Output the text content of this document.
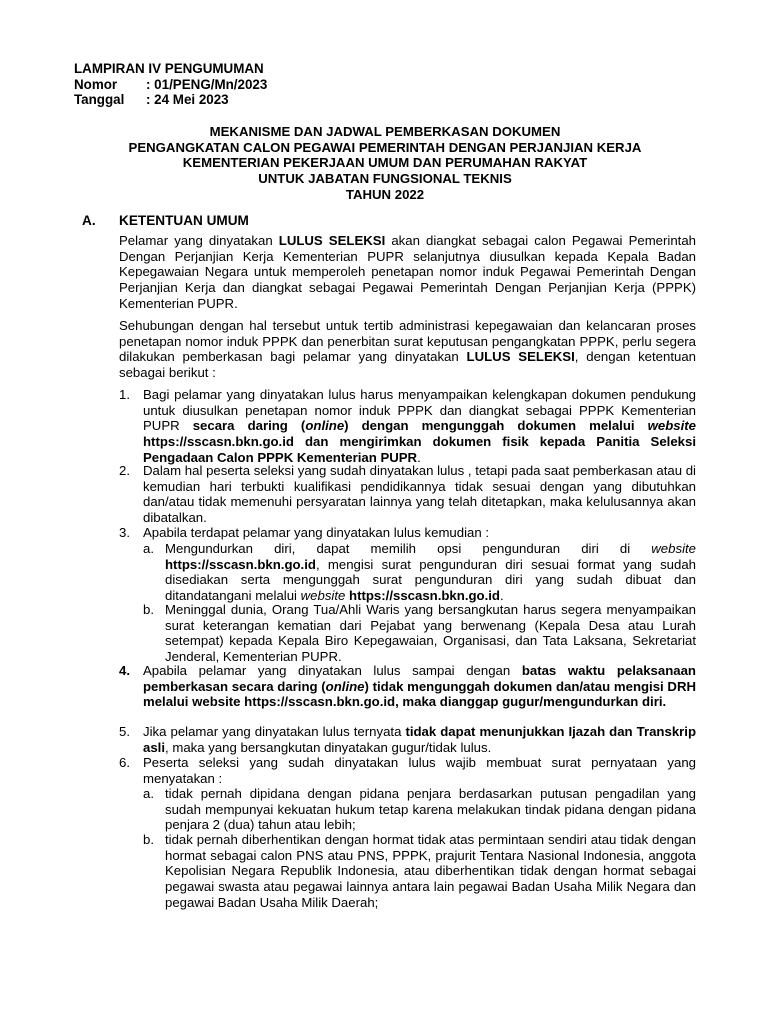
LAMPIRAN IV PENGUMUMAN
Nomor	: 01/PENG/Mn/2023
Tanggal	: 24 Mei 2023
MEKANISME DAN JADWAL PEMBERKASAN DOKUMEN
PENGANGKATAN CALON PEGAWAI PEMERINTAH DENGAN PERJANJIAN KERJA
KEMENTERIAN PEKERJAAN UMUM DAN PERUMAHAN RAKYAT
UNTUK JABATAN FUNGSIONAL TEKNIS
TAHUN 2022
A. KETENTUAN UMUM
Pelamar yang dinyatakan LULUS SELEKSI akan diangkat sebagai calon Pegawai Pemerintah Dengan Perjanjian Kerja Kementerian PUPR selanjutnya diusulkan kepada Kepala Badan Kepegawaian Negara untuk memperoleh penetapan nomor induk Pegawai Pemerintah Dengan Perjanjian Kerja dan diangkat sebagai Pegawai Pemerintah Dengan Perjanjian Kerja (PPPK) Kementerian PUPR.
Sehubungan dengan hal tersebut untuk tertib administrasi kepegawaian dan kelancaran proses penetapan nomor induk PPPK dan penerbitan surat keputusan pengangkatan PPPK, perlu segera dilakukan pemberkasan bagi pelamar yang dinyatakan LULUS SELEKSI, dengan ketentuan sebagai berikut :
1. Bagi pelamar yang dinyatakan lulus harus menyampaikan kelengkapan dokumen pendukung untuk diusulkan penetapan nomor induk PPPK dan diangkat sebagai PPPK Kementerian PUPR secara daring (online) dengan mengunggah dokumen melalui website https://sscasn.bkn.go.id dan mengirimkan dokumen fisik kepada Panitia Seleksi Pengadaan Calon PPPK Kementerian PUPR.
2. Dalam hal peserta seleksi yang sudah dinyatakan lulus , tetapi pada saat pemberkasan atau di kemudian hari terbukti kualifikasi pendidikannya tidak sesuai dengan yang dibutuhkan dan/atau tidak memenuhi persyaratan lainnya yang telah ditetapkan, maka kelulusannya akan dibatalkan.
3. Apabila terdapat pelamar yang dinyatakan lulus kemudian :
a. Mengundurkan diri, dapat memilih opsi pengunduran diri di website https://sscasn.bkn.go.id, mengisi surat pengunduran diri sesuai format yang sudah disediakan serta mengunggah surat pengunduran diri yang sudah dibuat dan ditandatangani melalui website https://sscasn.bkn.go.id.
b. Meninggal dunia, Orang Tua/Ahli Waris yang bersangkutan harus segera menyampaikan surat keterangan kematian dari Pejabat yang berwenang (Kepala Desa atau Lurah setempat) kepada Kepala Biro Kepegawaian, Organisasi, dan Tata Laksana, Sekretariat Jenderal, Kementerian PUPR.
4. Apabila pelamar yang dinyatakan lulus sampai dengan batas waktu pelaksanaan pemberkasan secara daring (online) tidak mengunggah dokumen dan/atau mengisi DRH melalui website https://sscasn.bkn.go.id, maka dianggap gugur/mengundurkan diri.
5. Jika pelamar yang dinyatakan lulus ternyata tidak dapat menunjukkan Ijazah dan Transkrip asli, maka yang bersangkutan dinyatakan gugur/tidak lulus.
6. Peserta seleksi yang sudah dinyatakan lulus wajib membuat surat pernyataan yang menyatakan :
a. tidak pernah dipidana dengan pidana penjara berdasarkan putusan pengadilan yang sudah mempunyai kekuatan hukum tetap karena melakukan tindak pidana dengan pidana penjara 2 (dua) tahun atau lebih;
b. tidak pernah diberhentikan dengan hormat tidak atas permintaan sendiri atau tidak dengan hormat sebagai calon PNS atau PNS, PPPK, prajurit Tentara Nasional Indonesia, anggota Kepolisian Negara Republik Indonesia, atau diberhentikan tidak dengan hormat sebagai pegawai swasta atau pegawai lainnya antara lain pegawai Badan Usaha Milik Negara dan pegawai Badan Usaha Milik Daerah;
